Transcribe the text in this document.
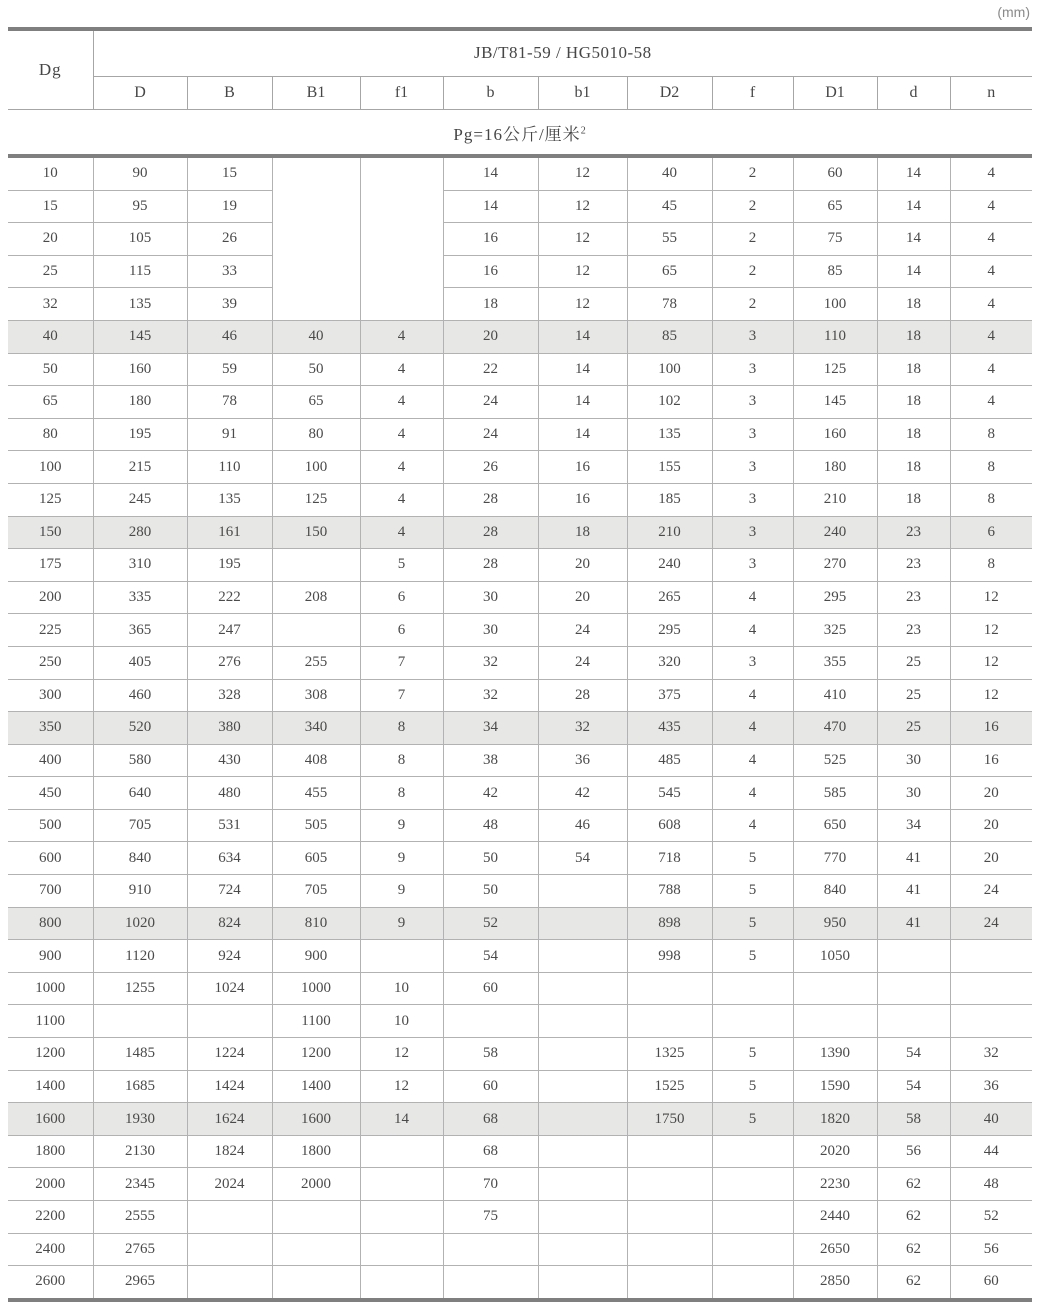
(mm)
Dg	JB/T81-59 / HG5010-58										
	D	B	B1	f1	b	b1	D2	f	D1	d	n
Pg=16公斤/厘米$^2$
10	90	15			14	12	40	2	60	14	4
15	95	19			14	12	45	2	65	14	4
20	105	26			16	12	55	2	75	14	4
25	115	33			16	12	65	2	85	14	4
32	135	39			18	12	78	2	100	18	4
40	145	46	40	4	20	14	85	3	110	18	4
50	160	59	50	4	22	14	100	3	125	18	4
65	180	78	65	4	24	14	102	3	145	18	4
80	195	91	80	4	24	14	135	3	160	18	8
100	215	110	100	4	26	16	155	3	180	18	8
125	245	135	125	4	28	16	185	3	210	18	8
150	280	161	150	4	28	18	210	3	240	23	6
175	310	195		5	28	20	240	3	270	23	8
200	335	222	208	6	30	20	265	4	295	23	12
225	365	247		6	30	24	295	4	325	23	12
250	405	276	255	7	32	24	320	3	355	25	12
300	460	328	308	7	32	28	375	4	410	25	12
350	520	380	340	8	34	32	435	4	470	25	16
400	580	430	408	8	38	36	485	4	525	30	16
450	640	480	455	8	42	42	545	4	585	30	20
500	705	531	505	9	48	46	608	4	650	34	20
600	840	634	605	9	50	54	718	5	770	41	20
700	910	724	705	9	50		788	5	840	41	24
800	1020	824	810	9	52		898	5	950	41	24
900	1120	924	900		54		998	5	1050		
1000	1255	1024	1000	10	60						
1100			1100	10							
1200	1485	1224	1200	12	58		1325	5	1390	54	32
1400	1685	1424	1400	12	60		1525	5	1590	54	36
1600	1930	1624	1600	14	68		1750	5	1820	58	40
1800	2130	1824	1800		68				2020	56	44
2000	2345	2024	2000		70				2230	62	48
2200	2555				75				2440	62	52
2400	2765								2650	62	56
2600	2965								2850	62	60
